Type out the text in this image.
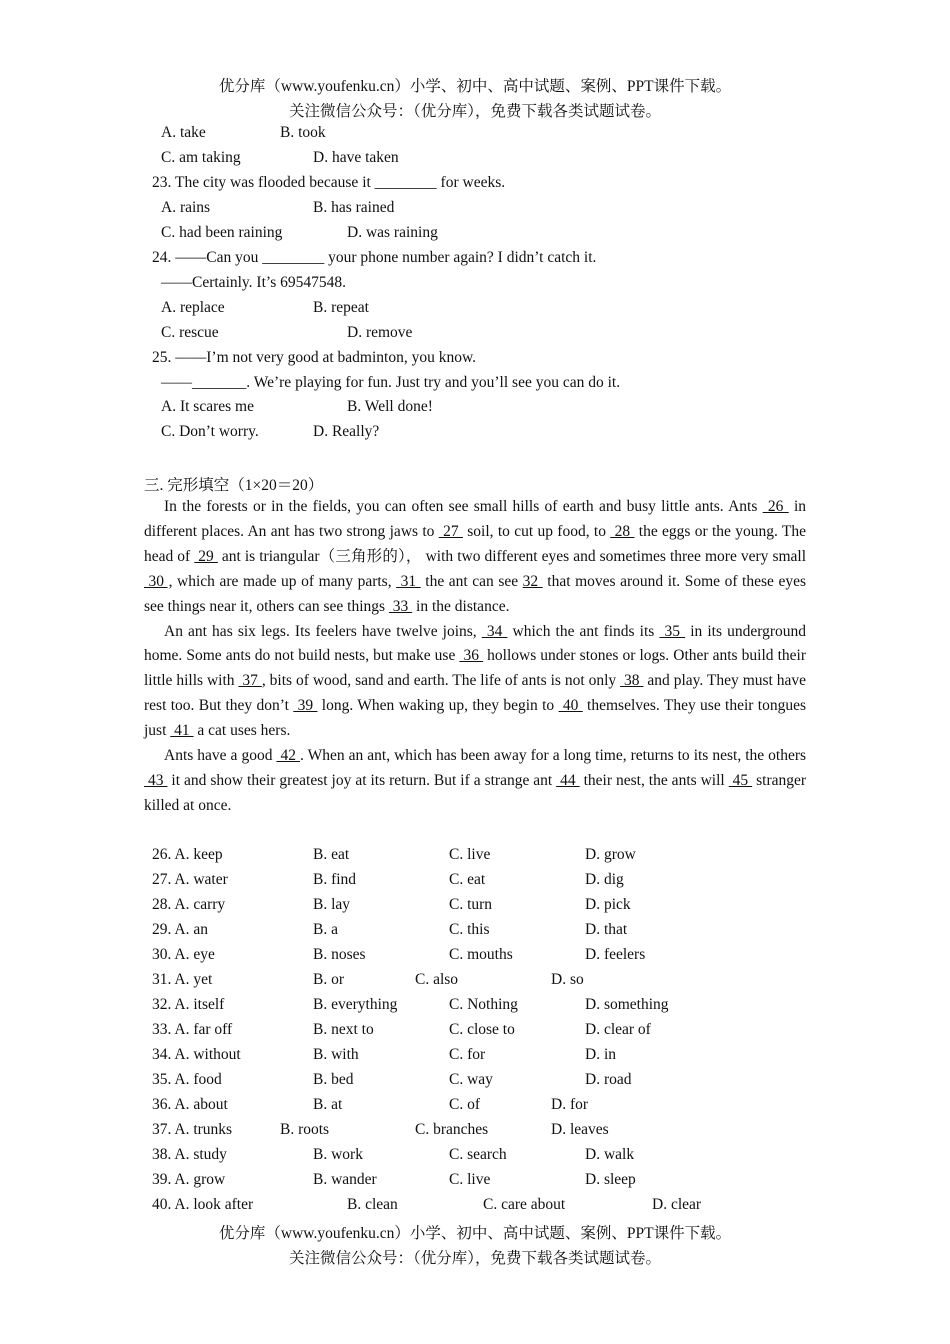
优分库（www.youfenku.cn）小学、初中、高中试题、案例、PPT课件下载。
关注微信公众号：（优分库），免费下载各类试题试卷。
A. take	B. took
C. am taking	D. have taken
23. The city was flooded because it ________ for weeks.
A. rains	B. has rained
C. had been raining	D. was raining
24. ——Can you ________ your phone number again? I didn’t catch it.
——Certainly. It’s 69547548.
A. replace	B. repeat
C. rescue	D. remove
25. ——I’m not very good at badminton, you know.
——_______. We’re playing for fun. Just try and you’ll see you can do it.
A. It scares me	B. Well done!
C. Don’t worry.	D. Really?
三. 完形填空（1×20＝20）

In the forests or in the fields, you can often see small hills of earth and busy little ants. Ants  26  in different places. An ant has two strong jaws to  27  soil, to cut up food, to  28  the eggs or the young. The head of  29  ant is triangular（三角形的）， with two different eyes and sometimes three more very small 30 , which are made up of many parts,  31  the ant can see 32  that moves around it. Some of these eyes see things near it, others can see things  33  in the distance.

An ant has six legs. Its feelers have twelve joins,  34  which the ant finds its  35  in its underground home. Some ants do not build nests, but make use  36  hollows under stones or logs. Other ants build their little hills with  37 , bits of wood, sand and earth. The life of ants is not only  38  and play. They must have rest too. But they don’t  39  long. When waking up, they begin to  40  themselves. They use their tongues just  41  a cat uses hers.

Ants have a good  42 . When an ant, which has been away for a long time, returns to its nest, the others  43  it and show their greatest joy at its return. But if a strange ant  44  their nest, the ants will  45  stranger killed at once.

26. A. keep	B. eat	C. live	D. grow
27. A. water	B. find	C. eat	D. dig
28. A. carry	B. lay	C. turn	D. pick
29. A. an	B. a	C. this	D. that
30. A. eye	B. noses	C. mouths	D. feelers
31. A. yet	B. or	C. also	D. so
32. A. itself	B. everything	C. Nothing	D. something
33. A. far off	B. next to	C. close to	D. clear of
34. A. without	B. with	C. for	D. in
35. A. food	B. bed	C. way	D. road
36. A. about	B. at	C. of	D. for
37. A. trunks	B. roots	C. branches	D. leaves
38. A. study	B. work	C. search	D. walk
39. A. grow	B. wander	C. live	D. sleep
40. A. look after	B. clean	C. care about	D. clear
优分库（www.youfenku.cn）小学、初中、高中试题、案例、PPT课件下载。
关注微信公众号：（优分库），免费下载各类试题试卷。
